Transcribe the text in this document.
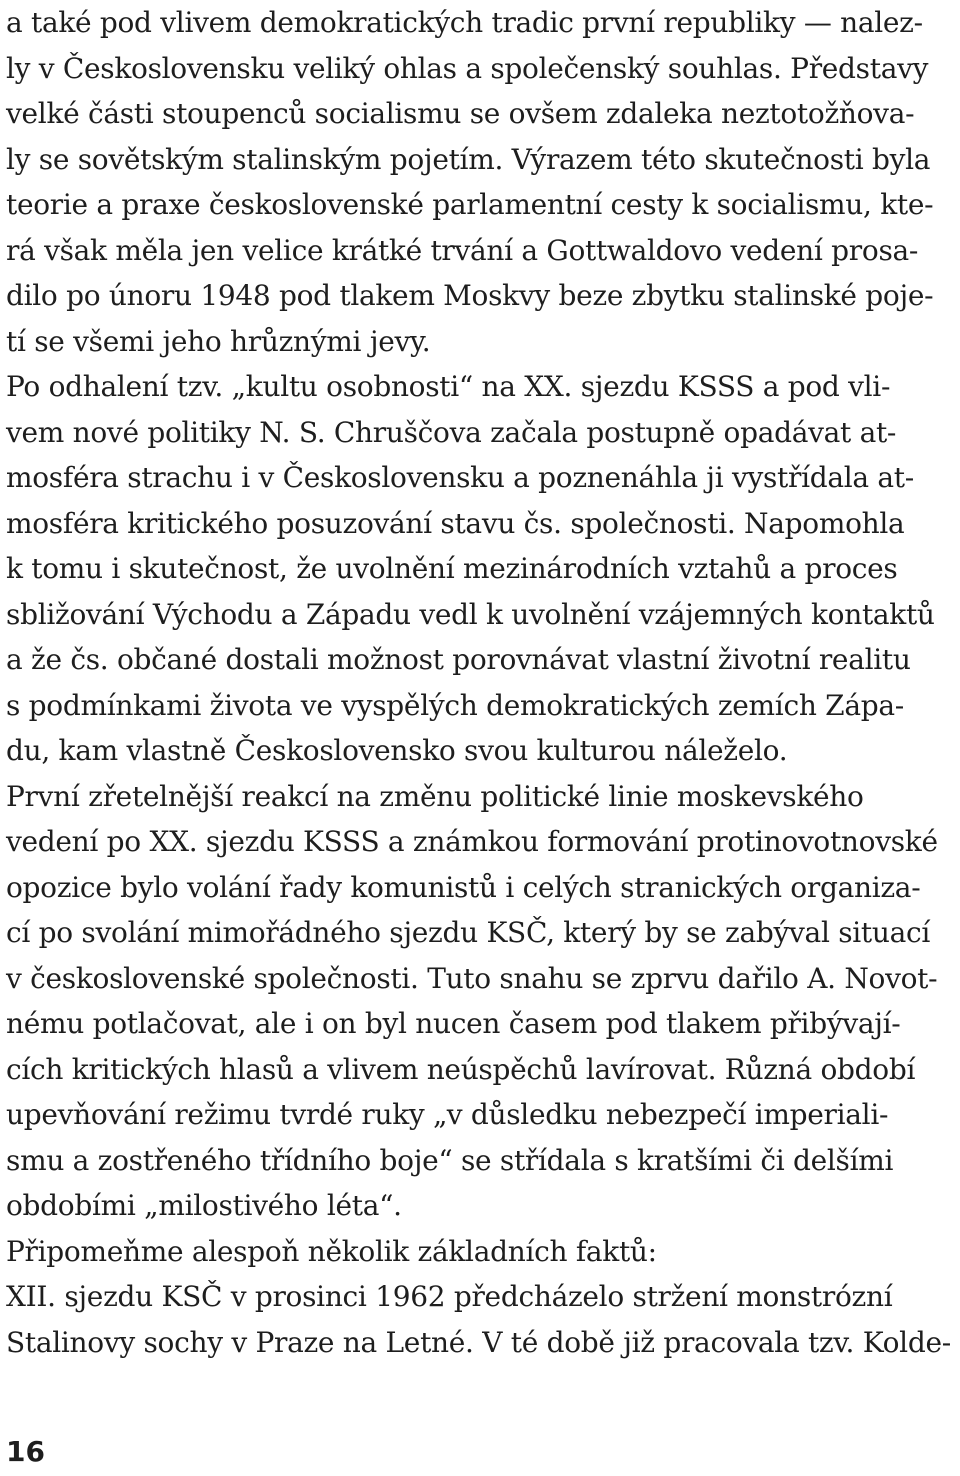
a také pod vlivem demokratických tradic první republiky — nalez-
ly v Československu veliký ohlas a společenský souhlas. Představy
velké části stoupenců socialismu se ovšem zdaleka neztotožňova-
ly se sovětským stalinským pojetím. Výrazem této skutečnosti byla
teorie a praxe československé parlamentní cesty k socialismu, kte-
rá však měla jen velice krátké trvání a Gottwaldovo vedení prosa-
dilo po únoru 1948 pod tlakem Moskvy beze zbytku stalinské poje-
tí se všemi jeho hrůznými jevy.
Po odhalení tzv. „kultu osobnosti“ na XX. sjezdu KSSS a pod vli-
vem nové politiky N. S. Chruščova začala postupně opadávat at-
mosféra strachu i v Československu a poznenáhla ji vystřídala at-
mosféra kritického posuzování stavu čs. společnosti. Napomohla
k tomu i skutečnost, že uvolnění mezinárodních vztahů a proces
sbližování Východu a Západu vedl k uvolnění vzájemných kontaktů
a že čs. občané dostali možnost porovnávat vlastní životní realitu
s podmínkami života ve vyspělých demokratických zemích Zápa-
du, kam vlastně Československo svou kulturou náleželo.
První zřetelnější reakcí na změnu politické linie moskevského
vedení po XX. sjezdu KSSS a známkou formování protinovotnovské
opozice bylo volání řady komunistů i celých stranických organiza-
cí po svolání mimořádného sjezdu KSČ, který by se zabýval situací
v československé společnosti. Tuto snahu se zprvu dařilo A. Novot-
nému potlačovat, ale i on byl nucen časem pod tlakem přibývají-
cích kritických hlasů a vlivem neúspěchů lavírovat. Různá období
upevňování režimu tvrdé ruky „v důsledku nebezpečí imperiali-
smu a zostřeného třídního boje“ se střídala s kratšími či delšími
obdobími „milostivého léta“.
Připomeňme alespoň několik základních faktů:
XII. sjezdu KSČ v prosinci 1962 předcházelo stržení monstrózní
Stalinovy sochy v Praze na Letné. V té době již pracovala tzv. Kolde-
16
